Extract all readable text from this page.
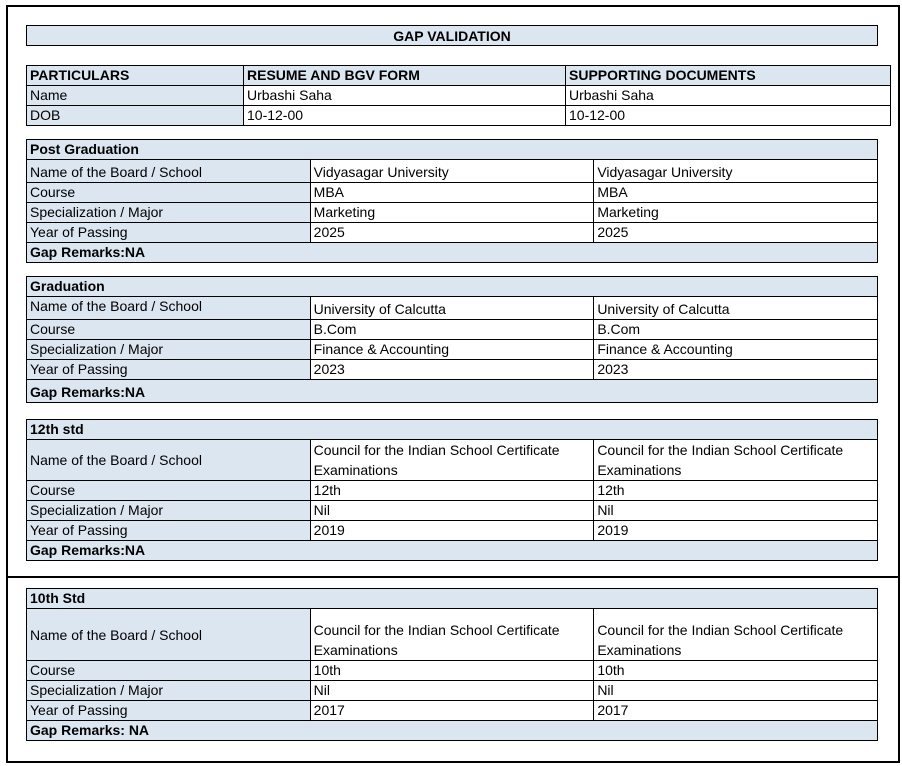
GAP VALIDATION
PARTICULARS	RESUME AND BGV FORM	SUPPORTING DOCUMENTS
Name	Urbashi Saha	Urbashi Saha
DOB	10-12-00	10-12-00
Post Graduation		
Name of the Board / School	Vidyasagar University	Vidyasagar University
Course	MBA	MBA
Specialization / Major	Marketing	Marketing
Year of Passing	2025	2025
Gap Remarks:NA		
Graduation		
Name of the Board / School	University of Calcutta	University of Calcutta
Course	B.Com	B.Com
Specialization / Major	Finance & Accounting	Finance & Accounting
Year of Passing	2023	2023
Gap Remarks:NA		
12th std		
Name of the Board / School	Council for the Indian School Certificate Examinations	Council for the Indian School Certificate Examinations
Course	12th	12th
Specialization / Major	Nil	Nil
Year of Passing	2019	2019
Gap Remarks:NA		
10th Std		
Name of the Board / School	Council for the Indian School Certificate Examinations	Council for the Indian School Certificate Examinations
Course	10th	10th
Specialization / Major	Nil	Nil
Year of Passing	2017	2017
Gap Remarks: NA		
